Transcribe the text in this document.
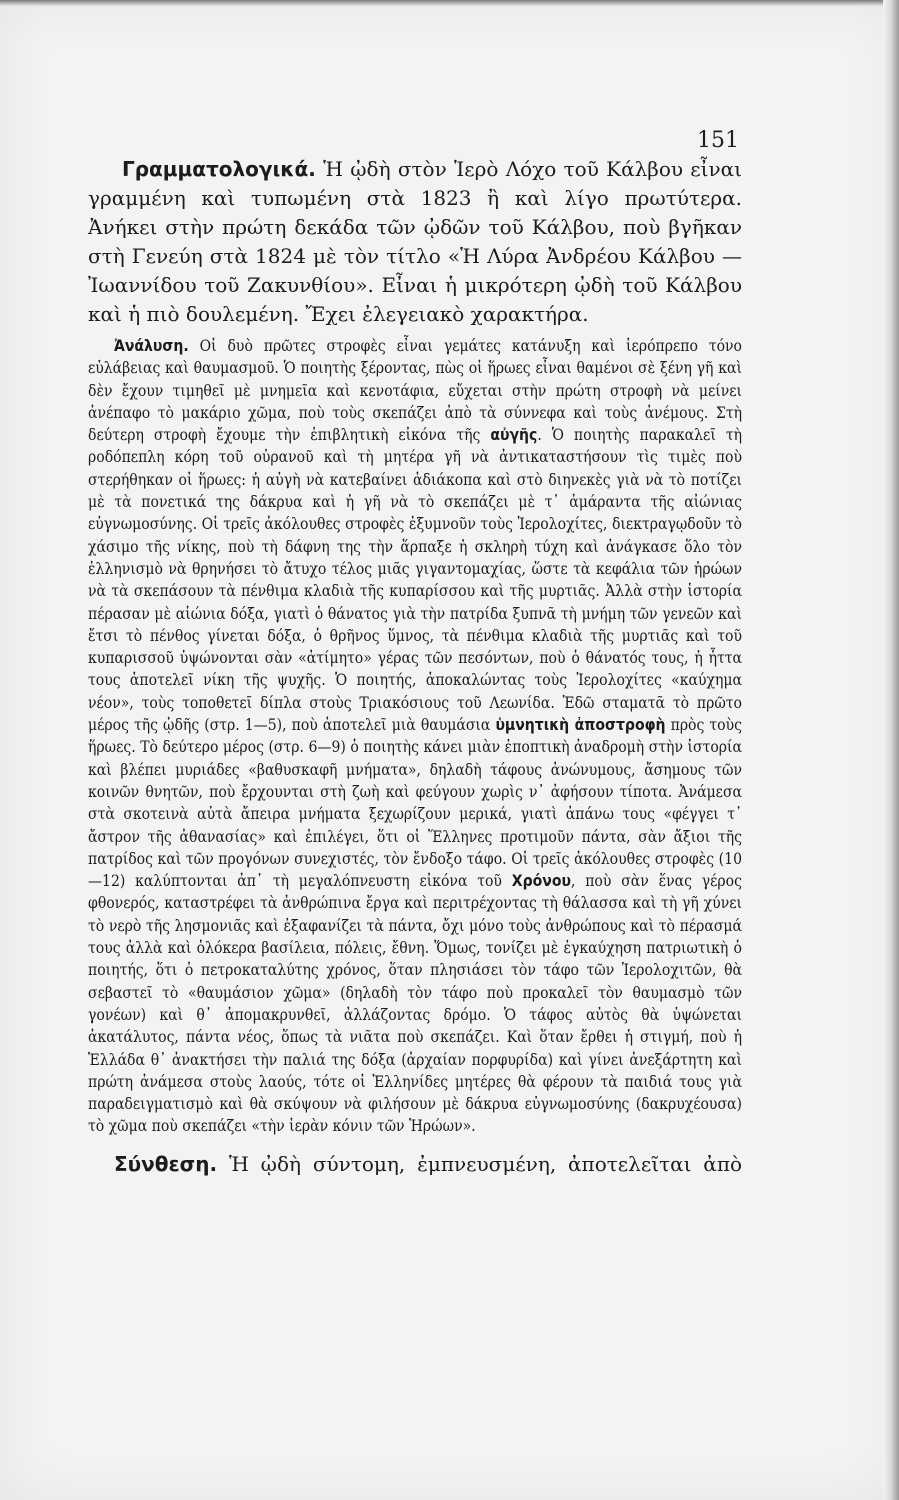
151

Γραμματολογικά. Ἡ ᾠδὴ στὸν Ἱερὸ Λόχο τοῦ Κάλβου εἶναι γραμμένη καὶ τυπωμένη στὰ 1823 ἢ καὶ λίγο πρωτύτερα. Ἀνήκει στὴν πρώτη δεκάδα τῶν ᾠδῶν τοῦ Κάλβου, ποὺ βγῆκαν στὴ Γενεύη στὰ 1824 μὲ τὸν τίτλο «Ἡ Λύρα Ἀνδρέου Κάλβου —Ἰωαννίδου τοῦ Ζακυνθίου». Εἶναι ἡ μικρότερη ᾠδὴ τοῦ Κάλβου καὶ ἡ πιὸ δουλεμένη. Ἔχει ἐλεγειακὸ χαρακτήρα.

Ἀνάλυση. Οἱ δυὸ πρῶτες στροφὲς εἶναι γεμάτες κατάνυξη καὶ ἱερόπρεπο τόνο εὐλάβειας καὶ θαυμασμοῦ. Ὁ ποιητὴς ξέροντας, πὼς οἱ ἥρωες εἶναι θαμένοι σὲ ξένη γῆ καὶ δὲν ἔχουν τιμηθεῖ μὲ μνημεῖα καὶ κενοτάφια, εὔχεται στὴν πρώτη στροφὴ νὰ μείνει ἀνέπαφο τὸ μακάριο χῶμα, ποὺ τοὺς σκεπάζει ἀπὸ τὰ σύννεφα καὶ τοὺς ἀνέμους. Στὴ δεύτερη στροφὴ ἔχουμε τὴν ἐπιβλητικὴ εἰκόνα τῆς αὐγῆς. Ὁ ποιητὴς παρακαλεῖ τὴ ροδόπεπλη κόρη τοῦ οὐρανοῦ καὶ τὴ μητέρα γῆ νὰ ἀντικαταστήσουν τὶς τιμὲς ποὺ στερήθηκαν οἱ ἥρωες: ἡ αὐγὴ νὰ κατεβαίνει ἀδιάκοπα καὶ στὸ διηνεκὲς γιὰ νὰ τὸ ποτίζει μὲ τὰ πονετικά της δάκρυα καὶ ἡ γῆ νὰ τὸ σκεπάζει μὲ τ᾽ ἀμάραντα τῆς αἰώνιας εὐγνωμοσύνης. Οἱ τρεῖς ἀκόλουθες στροφὲς ἐξυμνοῦν τοὺς Ἱερολοχίτες, διεκτραγῳδοῦν τὸ χάσιμο τῆς νίκης, ποὺ τὴ δάφνη της τὴν ἅρπαξε ἡ σκληρὴ τύχη καὶ ἀνάγκασε ὅλο τὸν ἑλληνισμὸ νὰ θρηνήσει τὸ ἄτυχο τέλος μιᾶς γιγαντομαχίας, ὥστε τὰ κεφάλια τῶν ἡρώων νὰ τὰ σκεπάσουν τὰ πένθιμα κλαδιὰ τῆς κυπαρίσσου καὶ τῆς μυρτιᾶς. Ἀλλὰ στὴν ἱστορία πέρασαν μὲ αἰώνια δόξα, γιατὶ ὁ θάνατος γιὰ τὴν πατρίδα ξυπνᾶ τὴ μνήμη τῶν γενεῶν καὶ ἔτσι τὸ πένθος γίνεται δόξα, ὁ θρῆνος ὕμνος, τὰ πένθιμα κλαδιὰ τῆς μυρτιᾶς καὶ τοῦ κυπαρισσοῦ ὑψώνονται σὰν «ἀτίμητο» γέρας τῶν πεσόντων, ποὺ ὁ θάνατός τους, ἡ ἧττα τους ἀποτελεῖ νίκη τῆς ψυχῆς. Ὁ ποιητής, ἀποκαλώντας τοὺς Ἱερολοχίτες «καύχημα νέον», τοὺς τοποθετεῖ δίπλα στοὺς Τριακόσιους τοῦ Λεωνίδα. Ἐδῶ σταματᾶ τὸ πρῶτο μέρος τῆς ᾠδῆς (στρ. 1—5), ποὺ ἀποτελεῖ μιὰ θαυμάσια ὑμνητικὴ ἀποστροφὴ πρὸς τοὺς ἥρωες. Τὸ δεύτερο μέρος (στρ. 6—9) ὁ ποιητὴς κάνει μιὰν ἐποπτικὴ ἀναδρομὴ στὴν ἱστορία καὶ βλέπει μυριάδες «βαθυσκαφῆ μνήματα», δηλαδὴ τάφους ἀνώνυμους, ἄσημους τῶν κοινῶν θνητῶν, ποὺ ἔρχουνται στὴ ζωὴ καὶ φεύγουν χωρὶς ν᾽ ἀφήσουν τίποτα. Ἀνάμεσα στὰ σκοτεινὰ αὐτὰ ἄπειρα μνήματα ξεχωρίζουν μερικά, γιατὶ ἀπάνω τους «φέγγει τ᾽ ἄστρον τῆς ἀθανασίας» καὶ ἐπιλέγει, ὅτι οἱ Ἕλληνες προτιμοῦν πάντα, σὰν ἄξιοι τῆς πατρίδος καὶ τῶν προγόνων συνεχιστές, τὸν ἔνδοξο τάφο. Οἱ τρεῖς ἀκόλουθες στροφὲς (10—12) καλύπτονται ἀπ᾽ τὴ μεγαλόπνευστη εἰκόνα τοῦ Χρόνου, ποὺ σὰν ἕνας γέρος φθονερός, καταστρέφει τὰ ἀνθρώπινα ἔργα καὶ περιτρέχοντας τὴ θάλασσα καὶ τὴ γῆ χύνει τὸ νερὸ τῆς λησμονιᾶς καὶ ἐξαφανίζει τὰ πάντα, ὄχι μόνο τοὺς ἀνθρώπους καὶ τὸ πέρασμά τους ἀλλὰ καὶ ὁλόκερα βασίλεια, πόλεις, ἔθνη. Ὅμως, τονίζει μὲ ἐγκαύχηση πατριωτικὴ ὁ ποιητής, ὅτι ὁ πετροκαταλύτης χρόνος, ὅταν πλησιάσει τὸν τάφο τῶν Ἱερολοχιτῶν, θὰ σεβαστεῖ τὸ «θαυμάσιον χῶμα» (δηλαδὴ τὸν τάφο ποὺ προκαλεῖ τὸν θαυμασμὸ τῶν γονέων) καὶ θ᾽ ἀπομακρυνθεῖ, ἀλλάζοντας δρόμο. Ὁ τάφος αὐτὸς θὰ ὑψώνεται ἀκατάλυτος, πάντα νέος, ὅπως τὰ νιᾶτα ποὺ σκεπάζει. Καὶ ὅταν ἔρθει ἡ στιγμή, ποὺ ἡ Ἑλλάδα θ᾽ ἀνακτήσει τὴν παλιά της δόξα (ἀρχαίαν πορφυρίδα) καὶ γίνει ἀνεξάρτητη καὶ πρώτη ἀνάμεσα στοὺς λαούς, τότε οἱ Ἑλληνίδες μητέρες θὰ φέρουν τὰ παιδιά τους γιὰ παραδειγματισμὸ καὶ θὰ σκύψουν νὰ φιλήσουν μὲ δάκρυα εὐγνωμοσύνης (δακρυχέουσα) τὸ χῶμα ποὺ σκεπάζει «τὴν ἱερὰν κόνιν τῶν Ἡρώων».

Σύνθεση. Ἡ ᾠδὴ σύντομη, ἐμπνευσμένη, ἀποτελεῖται ἀπὸ
